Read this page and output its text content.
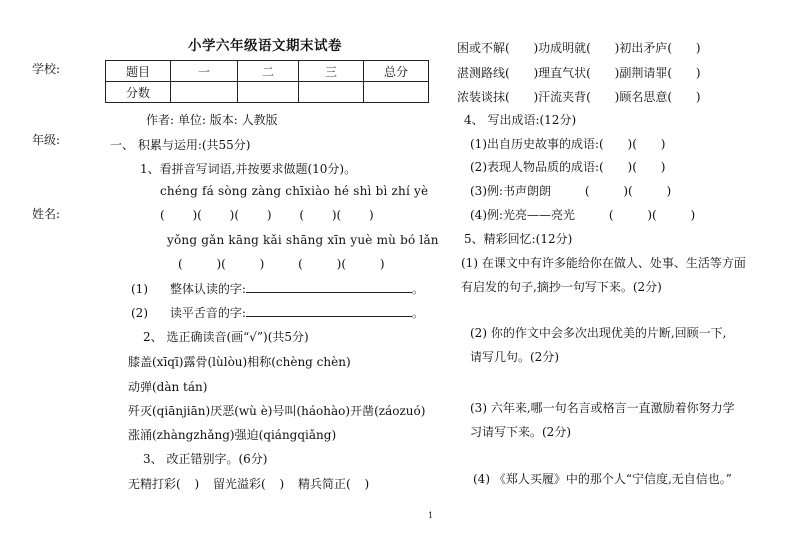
小学六年级语文期末试卷
学校:
年级:
姓名:
题目	一	二	三	总分
分数				
作者: 单位: 版本: 人教版
一、 积累与运用:(共55分)
1、看拼音写词语,并按要求做题(10分)。
chéng fá sòng zàng chīxiào hé shì bì zhí yè
( )( )( ) ( )( )
yǒng gǎn kāng kǎi shāng xīn yuè mù bó lǎn
( )( ) ( )( )
(1) 整体认读的字:	。
(2) 读平舌音的字:	。
2、 选正确读音(画“√”)(共5分)
膝盖(xīqī)露骨(lùlòu)相称(chèng chèn)
动弹(dàn tán)
歼灭(qiānjiān)厌恶(wù è)号叫(háohào)开凿(záozuó)
涨涌(zhàngzhǎng)强迫(qiángqiǎng)
3、 改正错别字。(6分)
无精打彩( ) 留光溢彩( ) 精兵简正( )
困或不解( )功成明就( )初出矛庐( )
湛测路线( )理直气状( )副荆请罪( )
浓装谈抹( )汗流夹背( )顾名思意( )
4、 写出成语:(12分)
(1)出自历史故事的成语:( )( )
(2)表现人物品质的成语:( )( )
(3)例:书声朗朗 ( )( )
(4)例:光亮——亮光 ( )( )
5、精彩回忆:(12分)
(1) 在课文中有许多能给你在做人、处事、生活等方面
有启发的句子,摘抄一句写下来。(2分)
(2) 你的作文中会多次出现优美的片断,回顾一下,
请写几句。(2分)
(3) 六年来,哪一句名言或格言一直激励着你努力学
习请写下来。(2分)
(4) 《郑人买履》中的那个人“宁信度,无自信也。”
1
